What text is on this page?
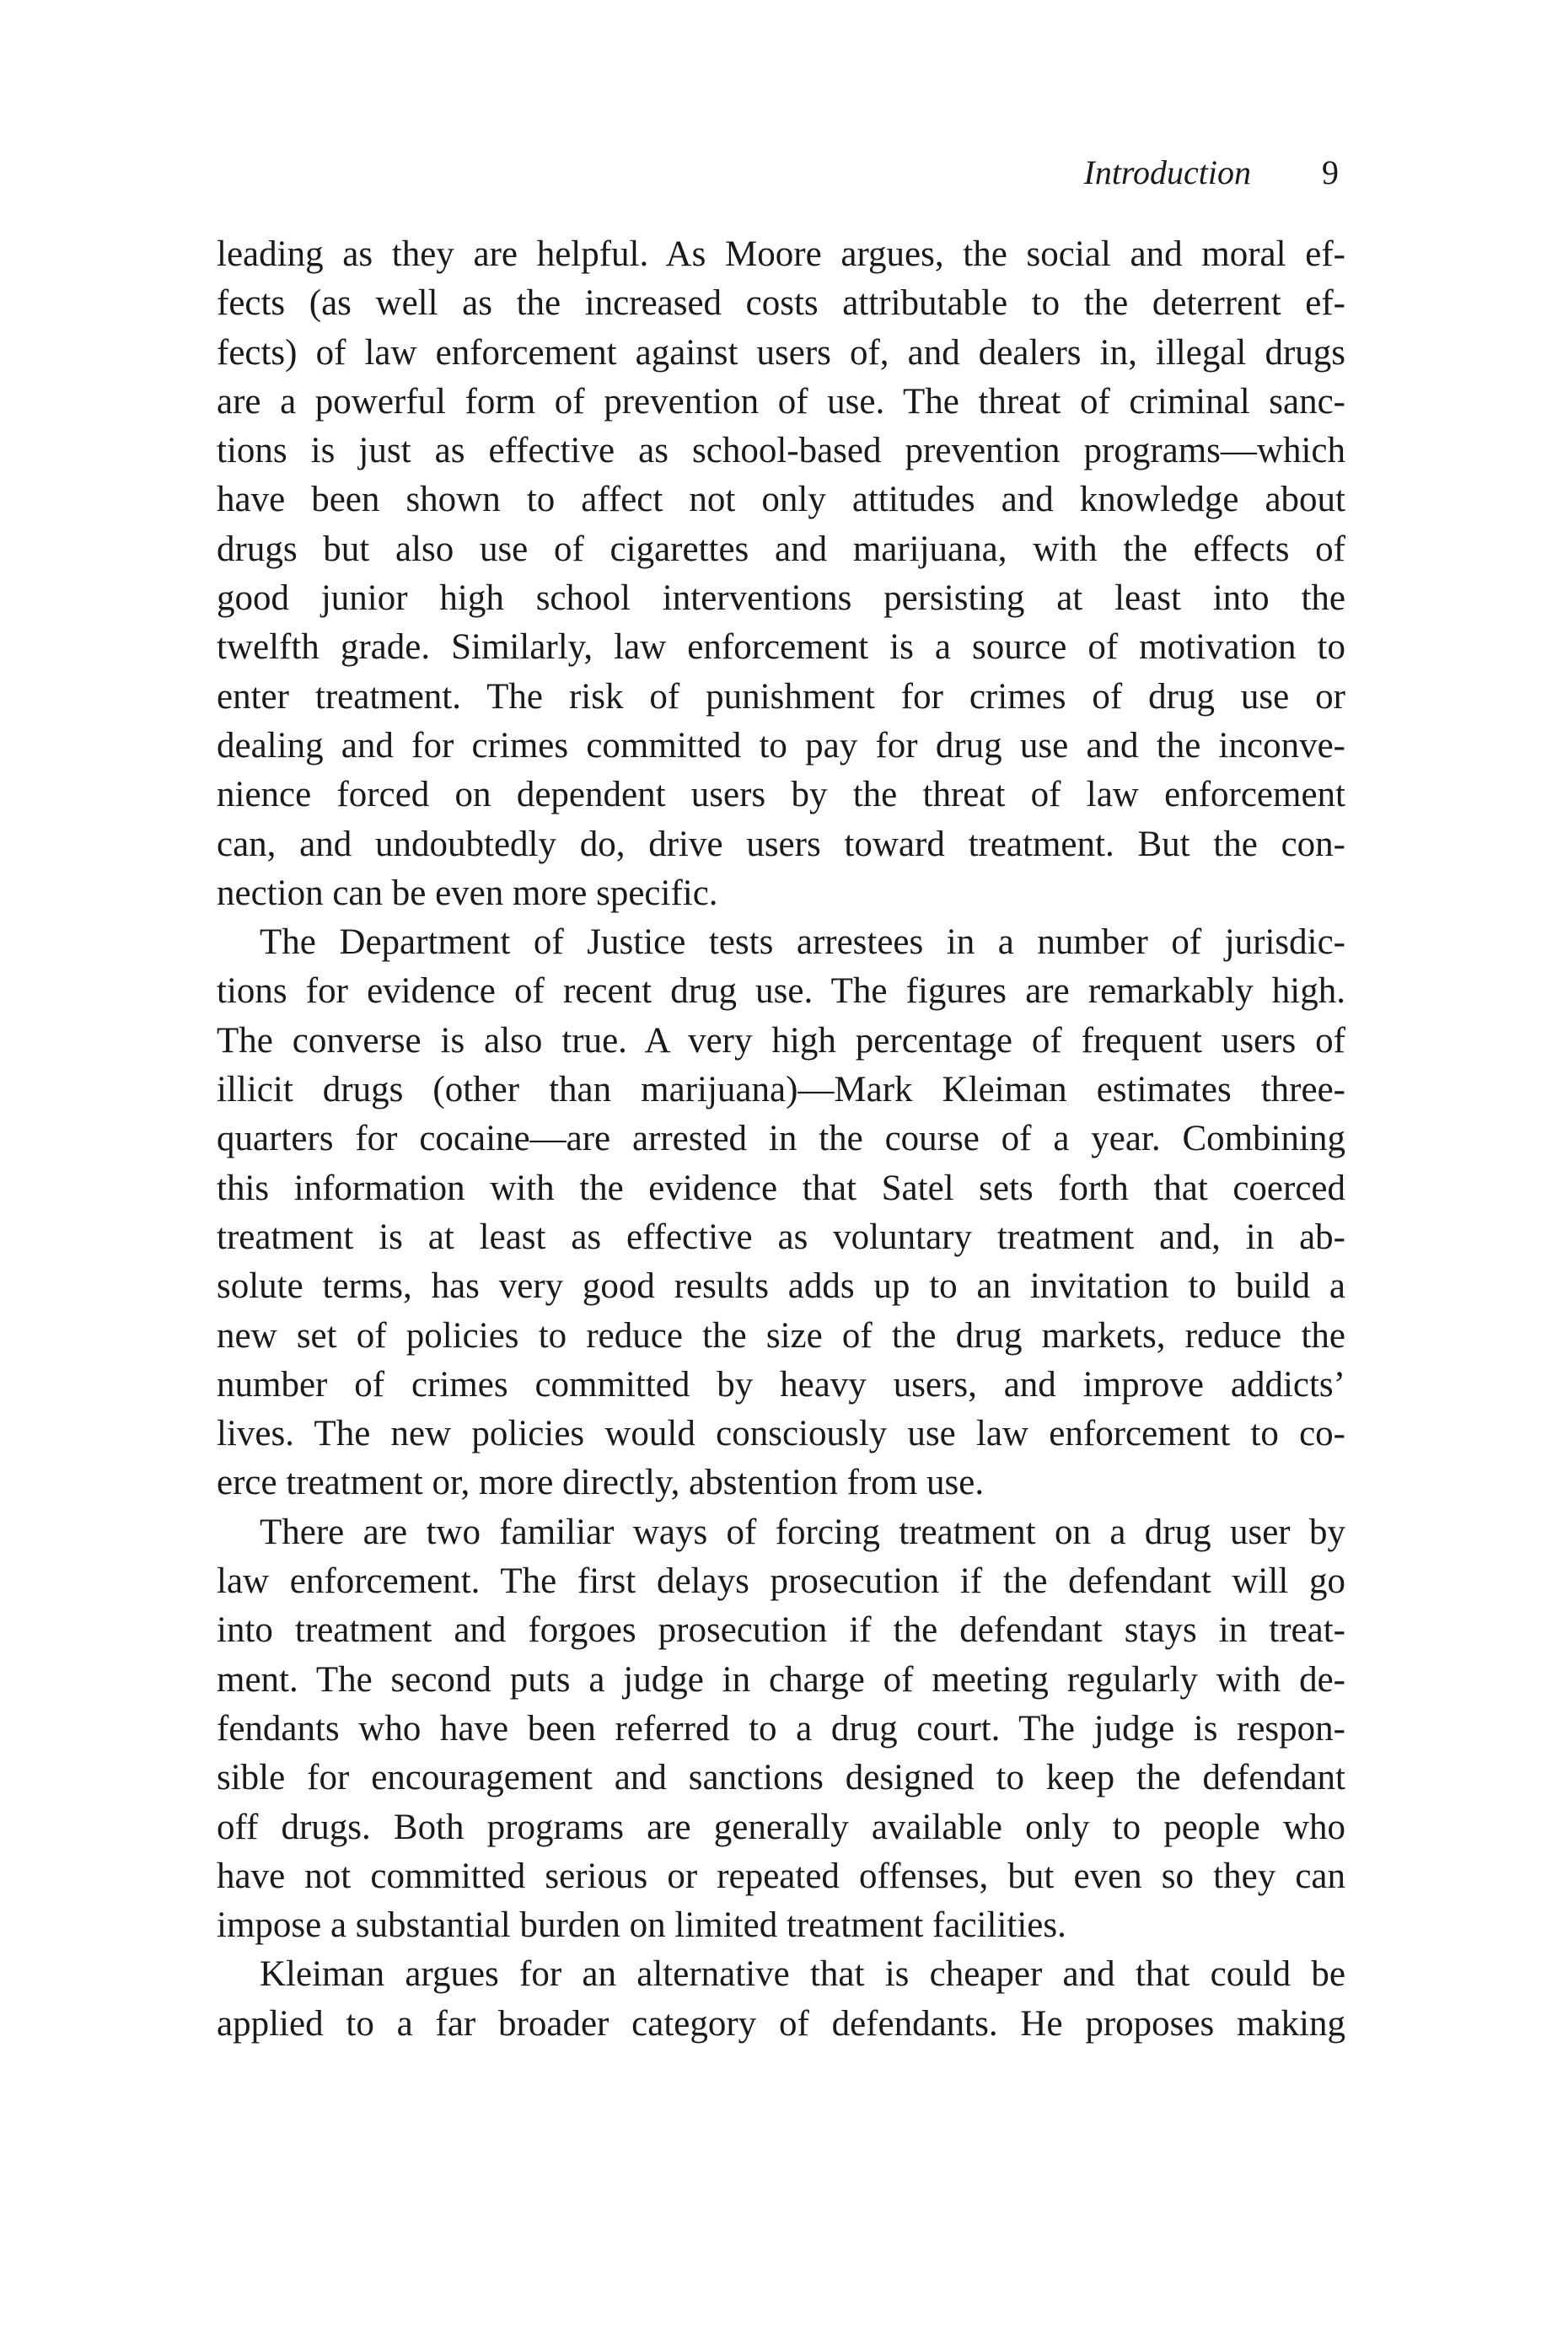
Introduction 9
leading as they are helpful. As Moore argues, the social and moral ef-
fects (as well as the increased costs attributable to the deterrent ef-
fects) of law enforcement against users of, and dealers in, illegal drugs
are a powerful form of prevention of use. The threat of criminal sanc-
tions is just as effective as school-based prevention programs—which
have been shown to affect not only attitudes and knowledge about
drugs but also use of cigarettes and marijuana, with the effects of
good junior high school interventions persisting at least into the
twelfth grade. Similarly, law enforcement is a source of motivation to
enter treatment. The risk of punishment for crimes of drug use or
dealing and for crimes committed to pay for drug use and the inconve-
nience forced on dependent users by the threat of law enforcement
can, and undoubtedly do, drive users toward treatment. But the con-
nection can be even more specific.
The Department of Justice tests arrestees in a number of jurisdic-
tions for evidence of recent drug use. The figures are remarkably high.
The converse is also true. A very high percentage of frequent users of
illicit drugs (other than marijuana)—Mark Kleiman estimates three-
quarters for cocaine—are arrested in the course of a year. Combining
this information with the evidence that Satel sets forth that coerced
treatment is at least as effective as voluntary treatment and, in ab-
solute terms, has very good results adds up to an invitation to build a
new set of policies to reduce the size of the drug markets, reduce the
number of crimes committed by heavy users, and improve addicts’
lives. The new policies would consciously use law enforcement to co-
erce treatment or, more directly, abstention from use.
There are two familiar ways of forcing treatment on a drug user by
law enforcement. The first delays prosecution if the defendant will go
into treatment and forgoes prosecution if the defendant stays in treat-
ment. The second puts a judge in charge of meeting regularly with de-
fendants who have been referred to a drug court. The judge is respon-
sible for encouragement and sanctions designed to keep the defendant
off drugs. Both programs are generally available only to people who
have not committed serious or repeated offenses, but even so they can
impose a substantial burden on limited treatment facilities.
Kleiman argues for an alternative that is cheaper and that could be
applied to a far broader category of defendants. He proposes making
